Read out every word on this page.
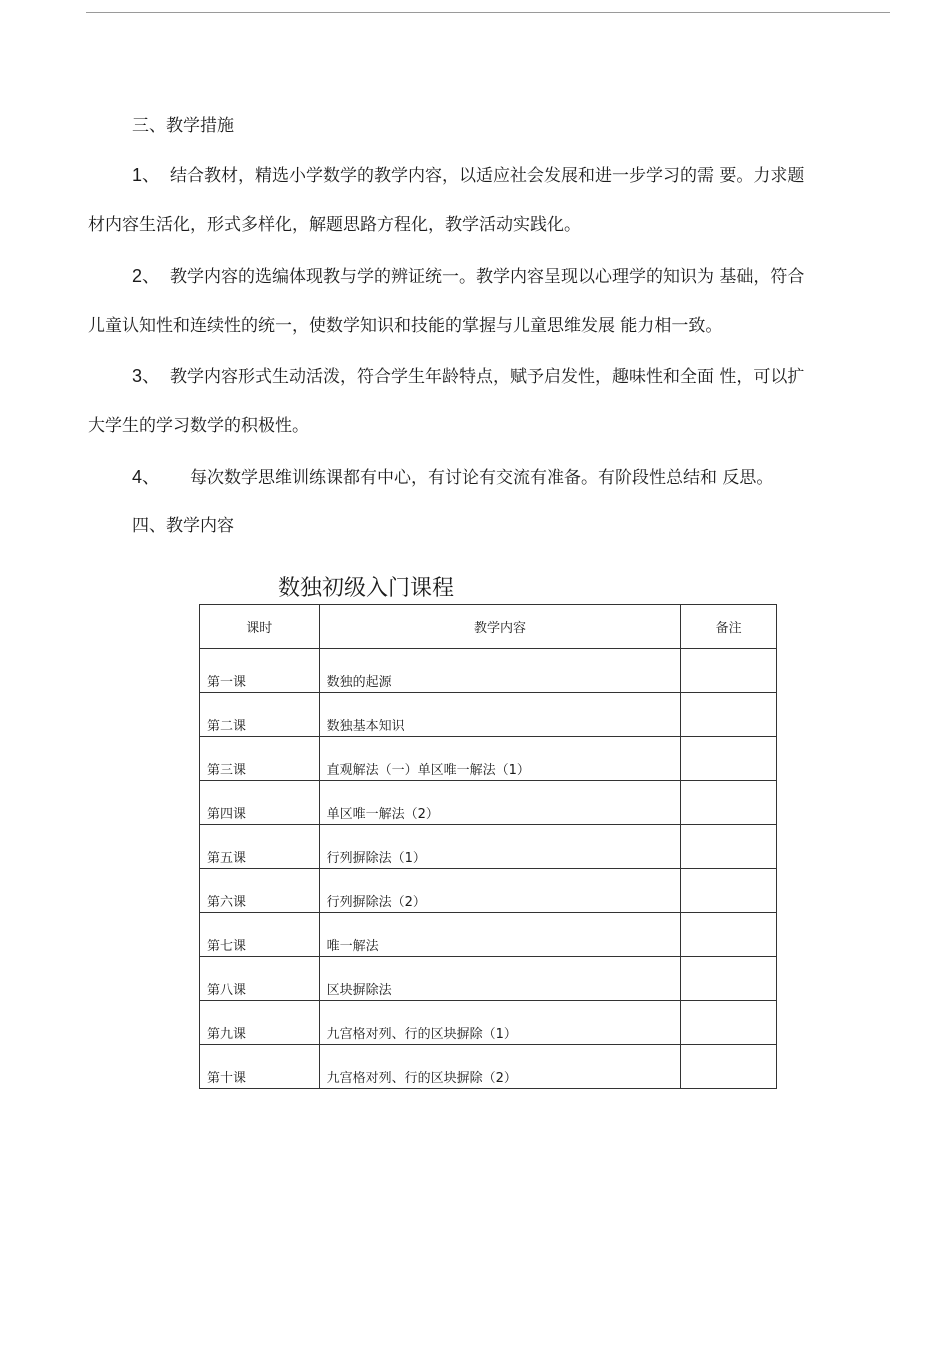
三、教学措施
1、 结合教材，精选小学数学的教学内容，以适应社会发展和进一步学习的需 要。力求题
材内容生活化，形式多样化，解题思路方程化，教学活动实践化。
2、 教学内容的选编体现教与学的辨证统一。教学内容呈现以心理学的知识为 基础，符合
儿童认知性和连续性的统一，使数学知识和技能的掌握与儿童思维发展 能力相一致。
3、 教学内容形式生动活泼，符合学生年龄特点，赋予启发性，趣味性和全面 性，可以扩
大学生的学习数学的积极性。
4、 每次数学思维训练课都有中心，有讨论有交流有准备。有阶段性总结和 反思。
四、教学内容
数独初级入门课程
课时	教学内容	备注
第一课	数独的起源	
第二课	数独基本知识	
第三课	直观解法（一）单区唯一解法（1）	
第四课	单区唯一解法（2）	
第五课	行列摒除法（1）	
第六课	行列摒除法（2）	
第七课	唯一解法	
第八课	区块摒除法	
第九课	九宫格对列、行的区块摒除（1）	
第十课	九宫格对列、行的区块摒除（2）	
